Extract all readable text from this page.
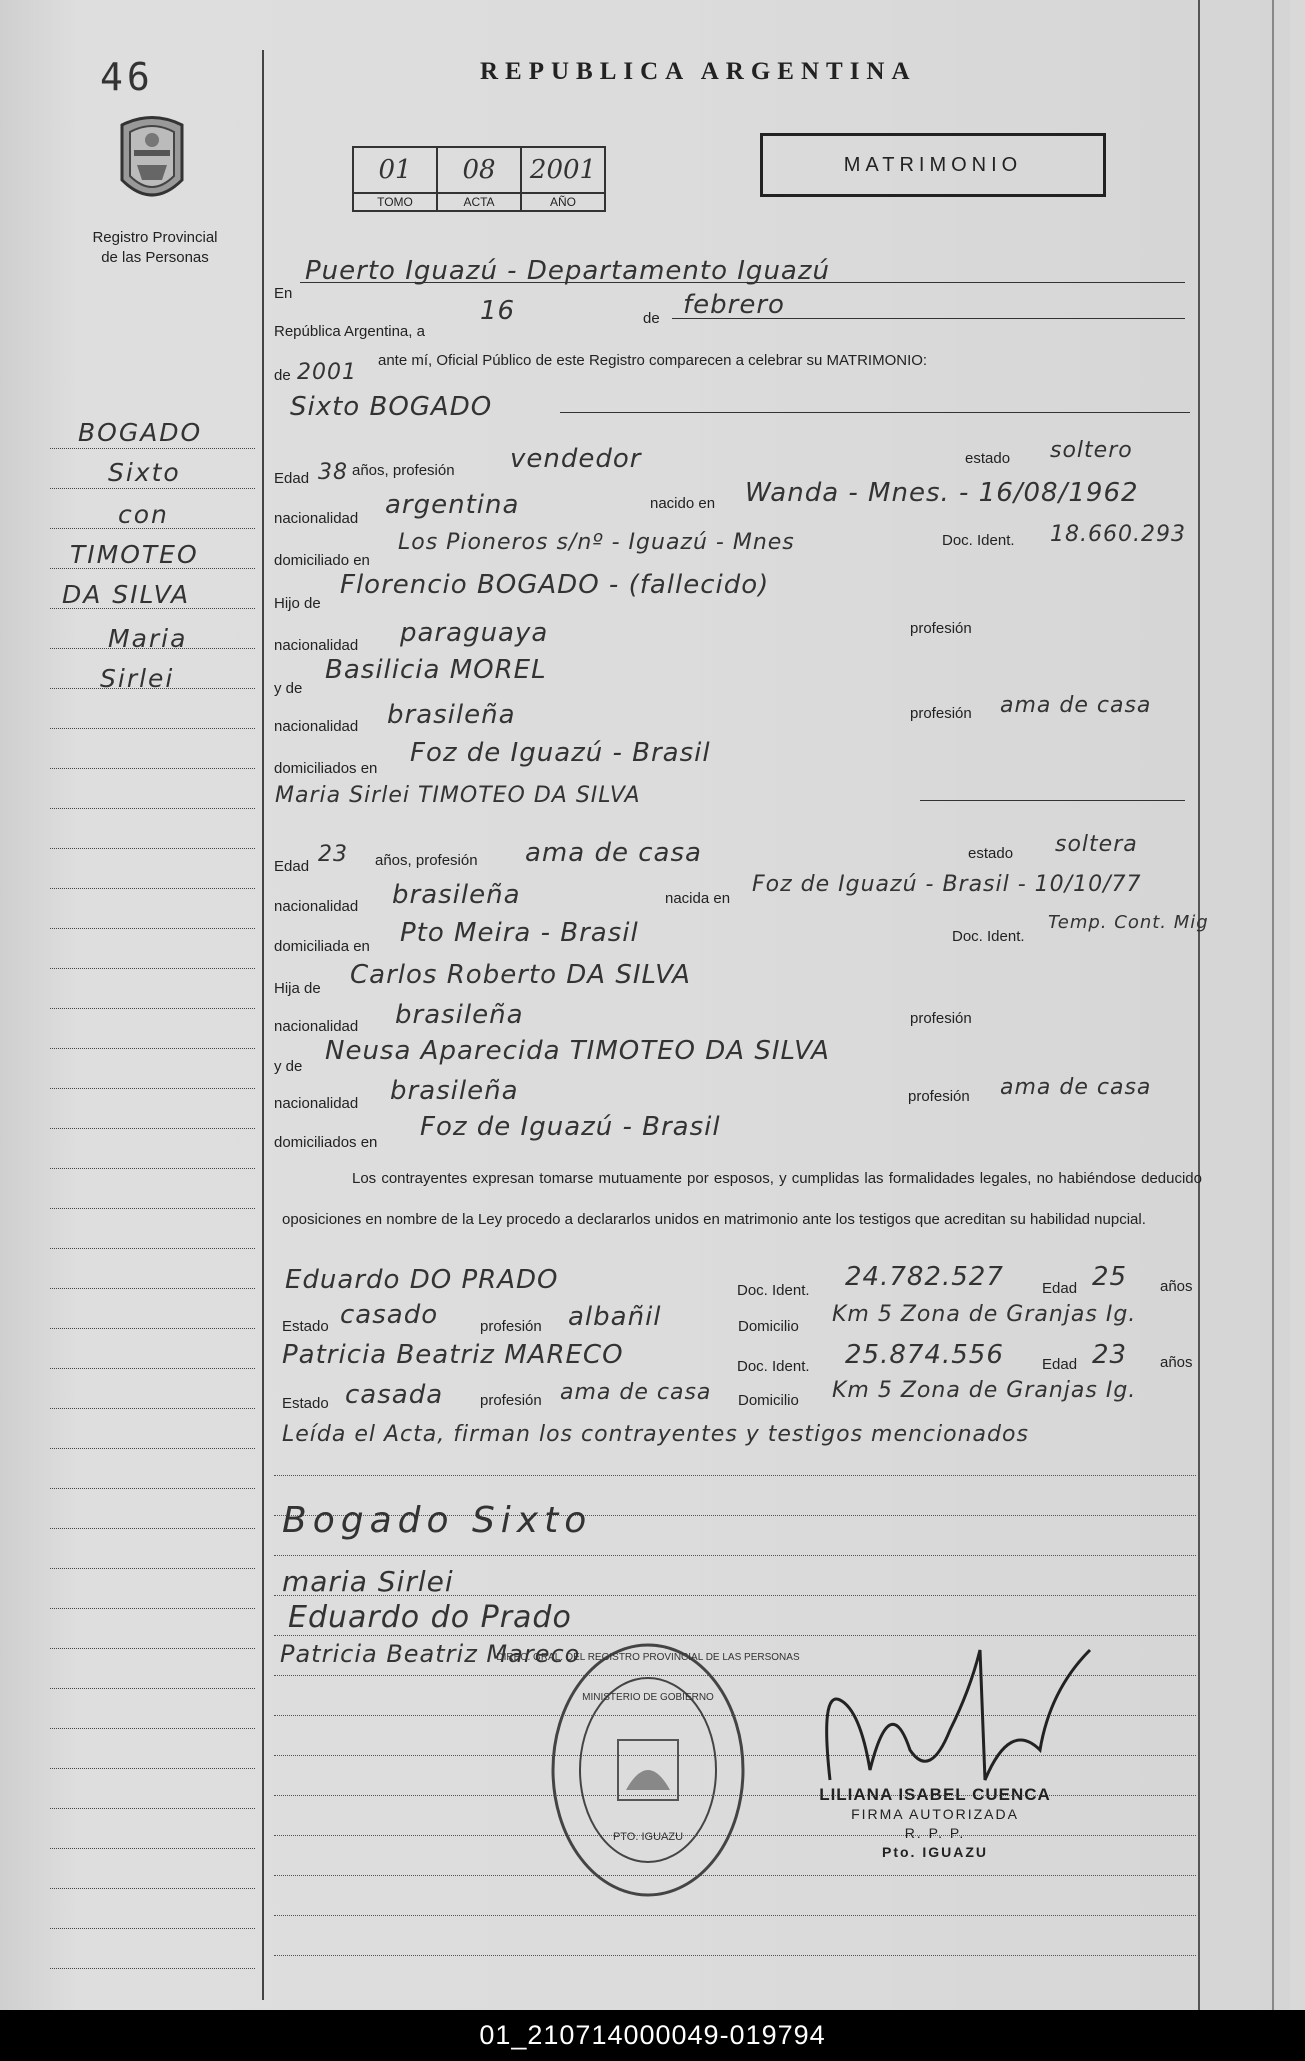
46
Registro Provincial
de las Personas
REPUBLICA ARGENTINA
01	08	2001
TOMO	ACTA	AÑO
MATRIMONIO
BOGADO
Sixto
con
TIMOTEO
DA SILVA
Maria
Sirlei
En
Puerto Iguazú - Departamento Iguazú
República Argentina, a
16	de febrero
de 2001 ante mí, Oficial Público de este Registro comparecen a celebrar su MATRIMONIO:
Sixto BOGADO
Edad 38 años, profesión vendedor	estado soltero
nacionalidad argentina	nacido en Wanda - Mnes. - 16/08/1962
domiciliado en
Los Pioneros s/nº - Iguazú - Mnes	Doc. Ident. 18.660.293
Hijo de
Florencio BOGADO - (fallecido)
nacionalidad paraguaya	profesión
y de
Basilicia MOREL
nacionalidad brasileña	profesión ama de casa
domiciliados en
Foz de Iguazú - Brasil
Maria Sirlei TIMOTEO DA SILVA
Edad 23 años, profesión ama de casa	estado soltera
nacionalidad brasileña	nacida en
Foz de Iguazú - Brasil - 10/10/77
domiciliada en Pto Meira - Brasil	Doc. Ident.
Temp. Cont. Mig
Hija de Carlos Roberto DA SILVA
nacionalidad brasileña	profesión
y de
Neusa Aparecida TIMOTEO DA SILVA
nacionalidad brasileña	profesión ama de casa
domiciliados en
Foz de Iguazú - Brasil
Los contrayentes expresan tomarse mutuamente por esposos, y cumplidas las formalidades legales, no habiéndose deducido oposiciones en nombre de la Ley procedo a declararlos unidos en matrimonio ante los testigos que acreditan su habilidad nupcial.
Eduardo DO PRADO	Doc. Ident. 24.782.527	Edad 25 años
Estado casado	profesión albañil	Domicilio Km 5 Zona de Granjas Ig.
Patricia Beatriz MARECO	Doc. Ident. 25.874.556	Edad 23 años
Estado casada profesión ama de casa Domicilio Km 5 Zona de Granjas Ig.
Leída el Acta, firman los contrayentes y testigos mencionados
Bogado Sixto
maria Sirlei
Eduardo do Prado
Patricia Beatriz Mareco
DIREC. GRAL. DEL REGISTRO PROVINCIAL DE LAS PERSONAS
MINISTERIO DE GOBIERNO
PTO. IGUAZU
LILIANA ISABEL CUENCA
FIRMA AUTORIZADA
R. P. P.
Pto. IGUAZU
01_210714000049-019794
